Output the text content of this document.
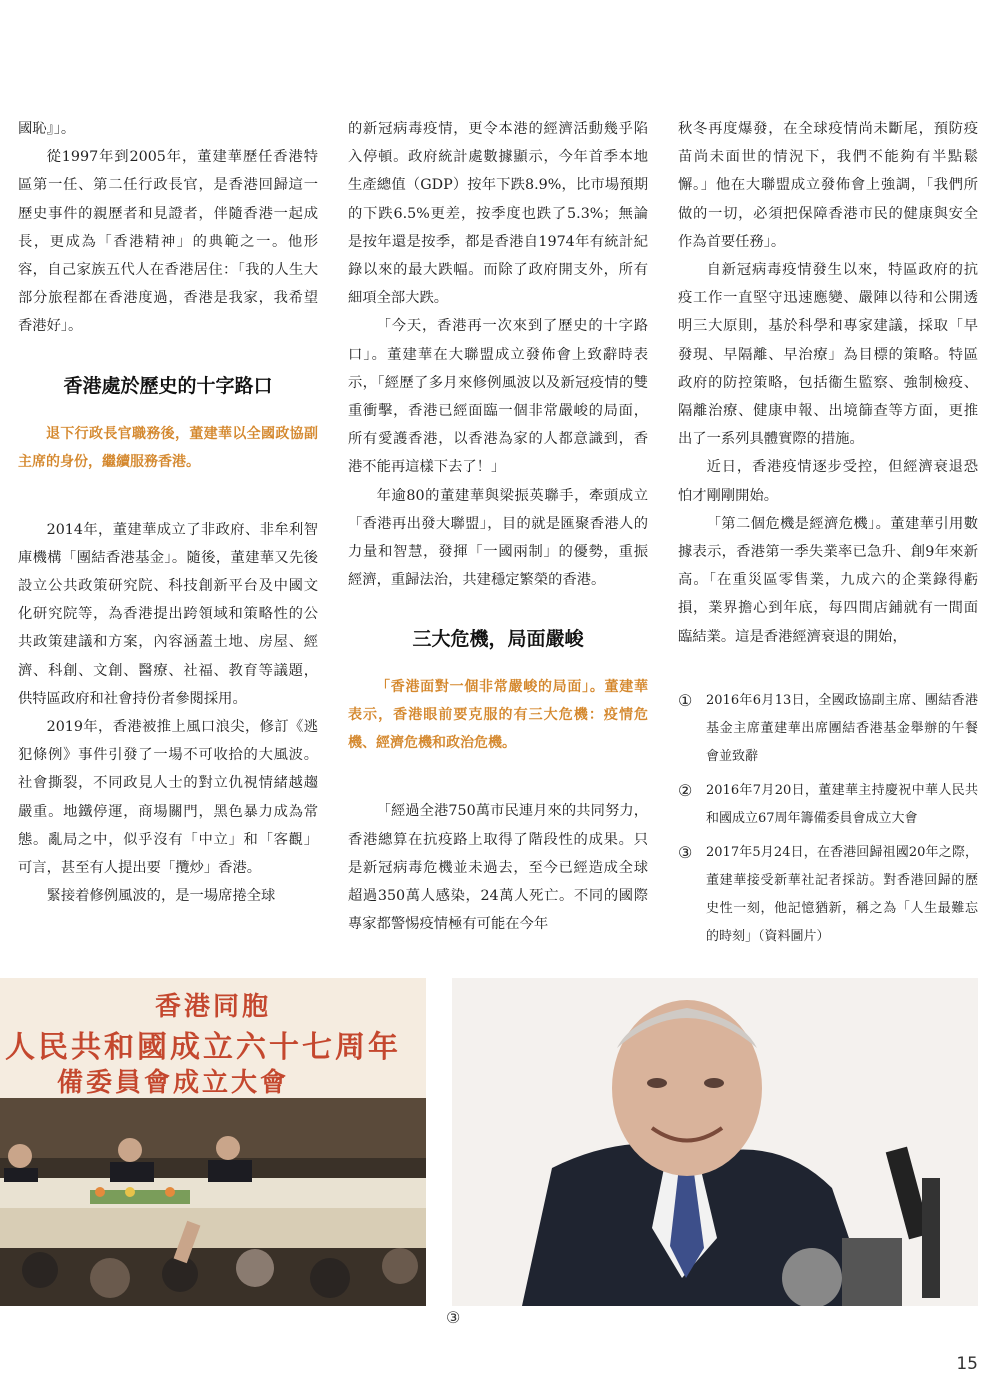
國恥』」。

從1997年到2005年，董建華歷任香港特區第一任、第二任行政長官，是香港回歸這一歷史事件的親歷者和見證者，伴隨香港一起成長，更成為「香港精神」的典範之一。他形容，自己家族五代人在香港居住：「我的人生大部分旅程都在香港度過，香港是我家，我希望香港好」。

香港處於歷史的十字路口

退下行政長官職務後，董建華以全國政協副主席的身份，繼續服務香港。

2014年，董建華成立了非政府、非牟利智庫機構「團結香港基金」。隨後，董建華又先後設立公共政策研究院、科技創新平台及中國文化研究院等，為香港提出跨領域和策略性的公共政策建議和方案，內容涵蓋土地、房屋、經濟、科創、文創、醫療、社福、教育等議題，供特區政府和社會持份者參閱採用。

2019年，香港被推上風口浪尖，修訂《逃犯條例》事件引發了一場不可收拾的大風波。社會撕裂，不同政見人士的對立仇視情緒越趨嚴重。地鐵停運，商場關門，黑色暴力成為常態。亂局之中，似乎沒有「中立」和「客觀」可言，甚至有人提出要「攬炒」香港。

緊接着修例風波的，是一場席捲全球

的新冠病毒疫情，更令本港的經濟活動幾乎陷入停頓。政府統計處數據顯示，今年首季本地生產總值（GDP）按年下跌8.9%，比市場預期的下跌6.5%更差，按季度也跌了5.3%；無論是按年還是按季，都是香港自1974年有統計紀錄以來的最大跌幅。而除了政府開支外，所有細項全部大跌。

「今天，香港再一次來到了歷史的十字路口」。董建華在大聯盟成立發佈會上致辭時表示，「經歷了多月來修例風波以及新冠疫情的雙重衝擊，香港已經面臨一個非常嚴峻的局面，所有愛護香港，以香港為家的人都意識到，香港不能再這樣下去了！」

年逾80的董建華與梁振英聯手，牽頭成立「香港再出發大聯盟」，目的就是匯聚香港人的力量和智慧，發揮「一國兩制」的優勢，重振經濟，重歸法治，共建穩定繁榮的香港。

三大危機，局面嚴峻

「香港面對一個非常嚴峻的局面」。董建華表示，香港眼前要克服的有三大危機：疫情危機、經濟危機和政治危機。

「經過全港750萬市民連月來的共同努力，香港總算在抗疫路上取得了階段性的成果。只是新冠病毒危機並未過去，至今已經造成全球超過350萬人感染，24萬人死亡。不同的國際專家都警惕疫情極有可能在今年

秋冬再度爆發，在全球疫情尚未斷尾，預防疫苗尚未面世的情況下，我們不能夠有半點鬆懈。」他在大聯盟成立發佈會上強調，「我們所做的一切，必須把保障香港市民的健康與安全作為首要任務」。

自新冠病毒疫情發生以來，特區政府的抗疫工作一直堅守迅速應變、嚴陣以待和公開透明三大原則，基於科學和專家建議，採取「早發現、早隔離、早治療」為目標的策略。特區政府的防控策略，包括衞生監察、強制檢疫、隔離治療、健康申報、出境篩查等方面，更推出了一系列具體實際的措施。

近日，香港疫情逐步受控，但經濟衰退恐怕才剛剛開始。

「第二個危機是經濟危機」。董建華引用數據表示，香港第一季失業率已急升、創9年來新高。「在重災區零售業，九成六的企業錄得虧損，業界擔心到年底，每四間店鋪就有一間面臨結業。這是香港經濟衰退的開始，

① 2016年6月13日，全國政協副主席、團結香港基金主席董建華出席團結香港基金舉辦的午餐會並致辭
② 2016年7月20日，董建華主持慶祝中華人民共和國成立67周年籌備委員會成立大會
③ 2017年5月24日，在香港回歸祖國20年之際，董建華接受新華社記者採訪。對香港回歸的歷史性一刻，他記憶猶新，稱之為「人生最難忘的時刻」（資料圖片）
香港同胞
人民共和國成立六十七周年
備委員會成立大會
③
15
